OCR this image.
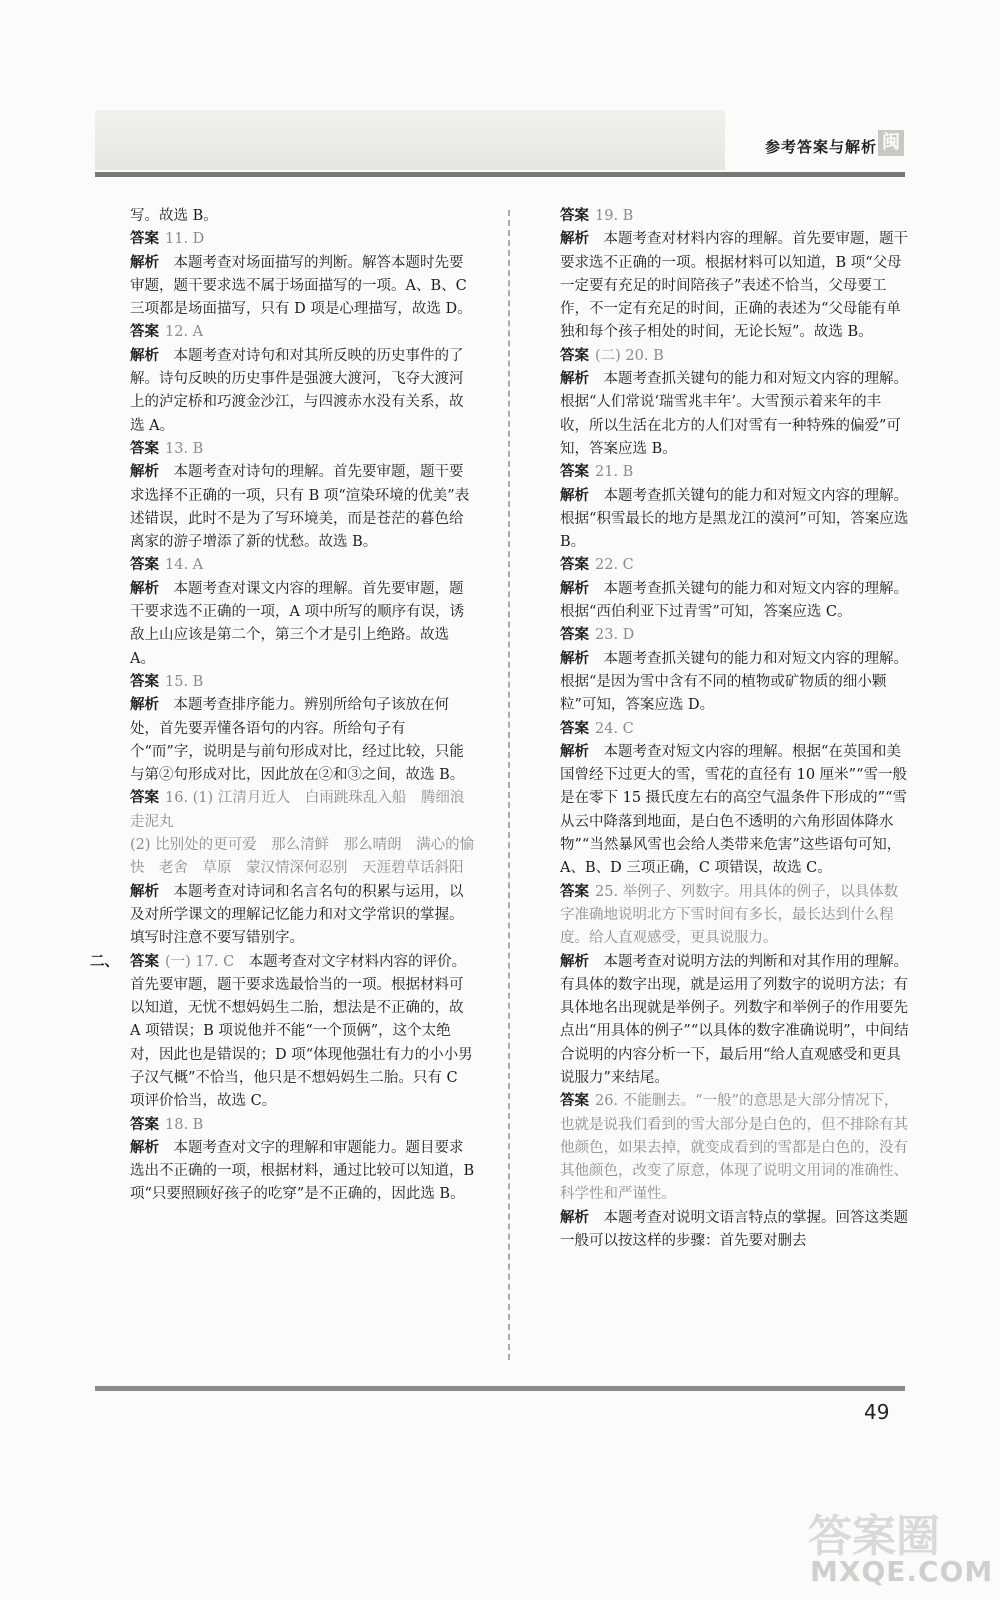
参考答案与解析 闽

写。故选 B。

答案 11. D

解析　 本题考查对场面描写的判断。解答本题时先要审题，题干要求选不属于场面描写的一项。A、B、C 三项都是场面描写，只有 D 项是心理描写，故选 D。

答案 12. A

解析　 本题考查对诗句和对其所反映的历史事件的了解。诗句反映的历史事件是强渡大渡河，飞夺大渡河上的泸定桥和巧渡金沙江，与四渡赤水没有关系，故选 A。

答案 13. B

解析　 本题考查对诗句的理解。首先要审题，题干要求选择不正确的一项，只有 B 项“渲染环境的优美”表述错误，此时不是为了写环境美，而是苍茫的暮色给离家的游子增添了新的忧愁。故选 B。

答案 14. A

解析　 本题考查对课文内容的理解。首先要审题，题干要求选不正确的一项，A 项中所写的顺序有误，诱敌上山应该是第二个，第三个才是引上绝路。故选 A。

答案 15. B

解析　 本题考查排序能力。辨别所给句子该放在何处，首先要弄懂各语句的内容。所给句子有个“而”字，说明是与前句形成对比，经过比较，只能与第②句形成对比，因此放在②和③之间，故选 B。

答案 16. (1) 江清月近人　白雨跳珠乱入船　腾细浪　走泥丸

(2) 比别处的更可爱　那么清鲜　那么晴朗　满心的愉快　老舍　草原　蒙汉情深何忍别　天涯碧草话斜阳

解析　 本题考查对诗词和名言名句的积累与运用，以及对所学课文的理解记忆能力和对文学常识的掌握。填写时注意不要写错别字。

二、 答案 (一) 17. C　 本题考查对文字材料内容的评价。首先要审题，题干要求选最恰当的一项。根据材料可以知道，无忧不想妈妈生二胎，想法是不正确的，故 A 项错误；B 项说他并不能“一个顶俩”，这个太绝对，因此也是错误的；D 项“体现他强壮有力的小小男子汉气概”不恰当，他只是不想妈妈生二胎。只有 C 项评价恰当，故选 C。

答案 18. B

解析　 本题考查对文字的理解和审题能力。题目要求选出不正确的一项，根据材料，通过比较可以知道，B 项“只要照顾好孩子的吃穿”是不正确的，因此选 B。

答案 19. B

解析　 本题考查对材料内容的理解。首先要审题，题干要求选不正确的一项。根据材料可以知道，B 项“父母一定要有充足的时间陪孩子”表述不恰当，父母要工作，不一定有充足的时间，正确的表述为“父母能有单独和每个孩子相处的时间，无论长短”。故选 B。

答案 (二) 20. B

解析　 本题考查抓关键句的能力和对短文内容的理解。根据“人们常说‘瑞雪兆丰年’。大雪预示着来年的丰收，所以生活在北方的人们对雪有一种特殊的偏爱”可知，答案应选 B。

答案 21. B

解析　 本题考查抓关键句的能力和对短文内容的理解。根据“积雪最长的地方是黑龙江的漠河”可知，答案应选 B。

答案 22. C

解析　 本题考查抓关键句的能力和对短文内容的理解。根据“西伯利亚下过青雪”可知，答案应选 C。

答案 23. D

解析　 本题考查抓关键句的能力和对短文内容的理解。根据“是因为雪中含有不同的植物或矿物质的细小颗粒”可知，答案应选 D。

答案 24. C

解析　 本题考查对短文内容的理解。根据“在英国和美国曾经下过更大的雪，雪花的直径有 10 厘米”“雪一般是在零下 15 摄氏度左右的高空气温条件下形成的”“雪从云中降落到地面，是白色不透明的六角形固体降水物”“当然暴风雪也会给人类带来危害”这些语句可知，A、B、D 三项正确，C 项错误，故选 C。

答案 25. 举例子、列数字。用具体的例子，以具体数字准确地说明北方下雪时间有多长，最长达到什么程度。给人直观感受，更具说服力。

解析　 本题考查对说明方法的判断和对其作用的理解。有具体的数字出现，就是运用了列数字的说明方法；有具体地名出现就是举例子。列数字和举例子的作用要先点出“用具体的例子”“以具体的数字准确说明”，中间结合说明的内容分析一下，最后用“给人直观感受和更具说服力”来结尾。

答案 26. 不能删去。“一般”的意思是大部分情况下，也就是说我们看到的雪大部分是白色的，但不排除有其他颜色，如果去掉，就变成看到的雪都是白色的，没有其他颜色，改变了原意，体现了说明文用词的准确性、科学性和严谨性。

解析　 本题考查对说明文语言特点的掌握。回答这类题一般可以按这样的步骤：首先要对删去

49
答案圈
MXQE.COM
